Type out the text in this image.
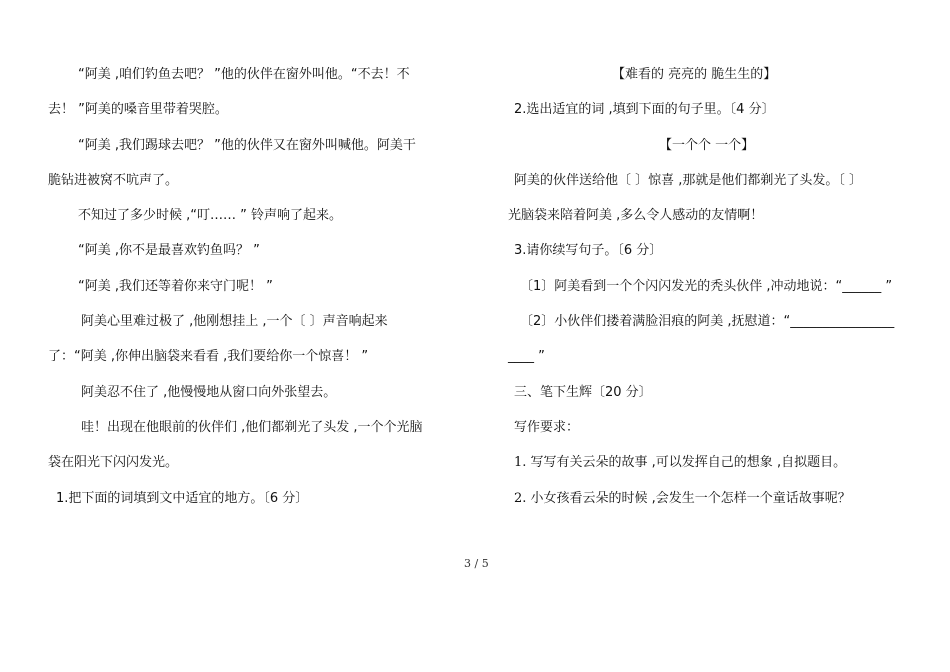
“阿美 ,咱们钓鱼去吧？ ”他的伙伴在窗外叫他。“不去！不
去！ ”阿美的嗓音里带着哭腔。
“阿美 ,我们踢球去吧？ ”他的伙伴又在窗外叫喊他。阿美干
脆钻进被窝不吭声了。
不知过了多少时候 ,“叮…… ” 铃声响了起来。
“阿美 ,你不是最喜欢钓鱼吗？ ”
“阿美 ,我们还等着你来守门呢！ ”
阿美心里难过极了 ,他刚想挂上 ,一个〔 〕声音响起来
了：“阿美 ,你伸出脑袋来看看 ,我们要给你一个惊喜！ ”
阿美忍不住了 ,他慢慢地从窗口向外张望去。
哇！出现在他眼前的伙伴们 ,他们都剃光了头发 ,一个个光脑
袋在阳光下闪闪发光。
1.把下面的词填到文中适宜的地方。〔6 分〕
【难看的 亮亮的 脆生生的】
2.选出适宜的词 ,填到下面的句子里。〔4 分〕
【一个个 一个】
阿美的伙伴送给他〔 〕惊喜 ,那就是他们都剃光了头发。〔 〕
光脑袋来陪着阿美 ,多么令人感动的友情啊！
3.请你续写句子。〔6 分〕
〔1〕阿美看到一个个闪闪发光的秃头伙伴 ,冲动地说：“______ ”
〔2〕小伙伴们搂着满脸泪痕的阿美 ,抚慰道：“________________
____ ”
三、笔下生辉〔20 分〕
写作要求：
1. 写写有关云朵的故事 ,可以发挥自己的想象 ,自拟题目。
2. 小女孩看云朵的时候 ,会发生一个怎样一个童话故事呢？
3 / 5
